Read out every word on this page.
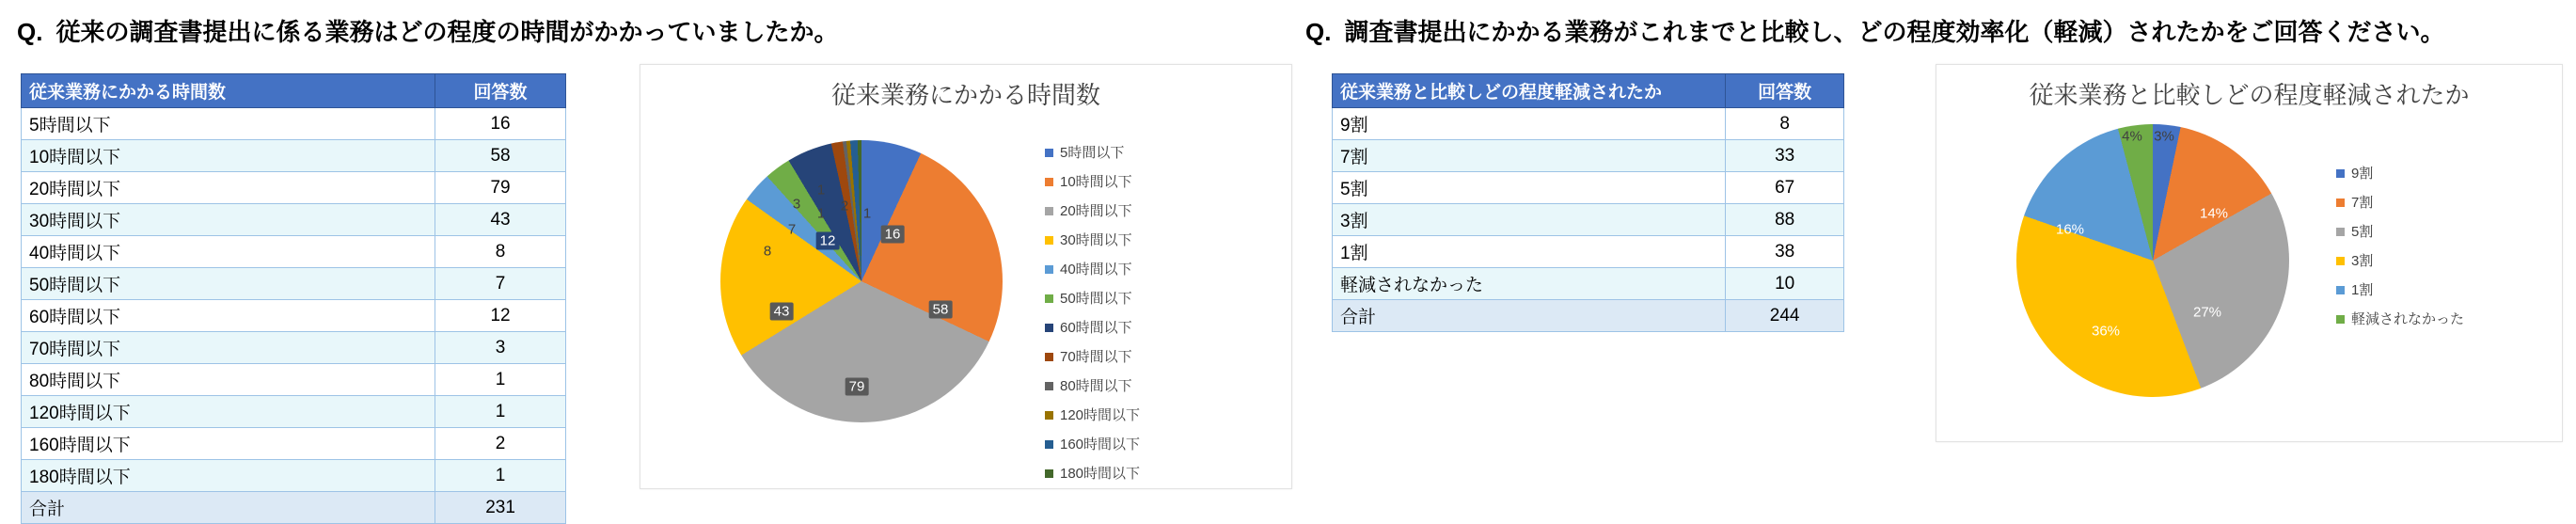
Q. 従来の調査書提出に係る業務はどの程度の時間がかかっていましたか。
従来業務にかかる時間数	回答数
5時間以下	16
10時間以下	58
20時間以下	79
30時間以下	43
40時間以下	8
50時間以下	7
60時間以下	12
70時間以下	3
80時間以下	1
120時間以下	1
160時間以下	2
180時間以下	1
合計	231
従来業務にかかる時間数
16
58
79
43
8
7
12
3
1
1 2 1
5時間以下
10時間以下
20時間以下
30時間以下
40時間以下
50時間以下
60時間以下
70時間以下
80時間以下
120時間以下
160時間以下
180時間以下
Q. 調査書提出にかかる業務がこれまでと比較し、どの程度効率化（軽減）されたかをご回答ください。
従来業務と比較しどの程度軽減されたか	回答数
9割	8
7割	33
5割	67
3割	88
1割	38
軽減されなかった	10
合計	244
従来業務と比較しどの程度軽減されたか
3%
14%
27%
36%
16%
4%
9割
7割
5割
3割
1割
軽減されなかった
